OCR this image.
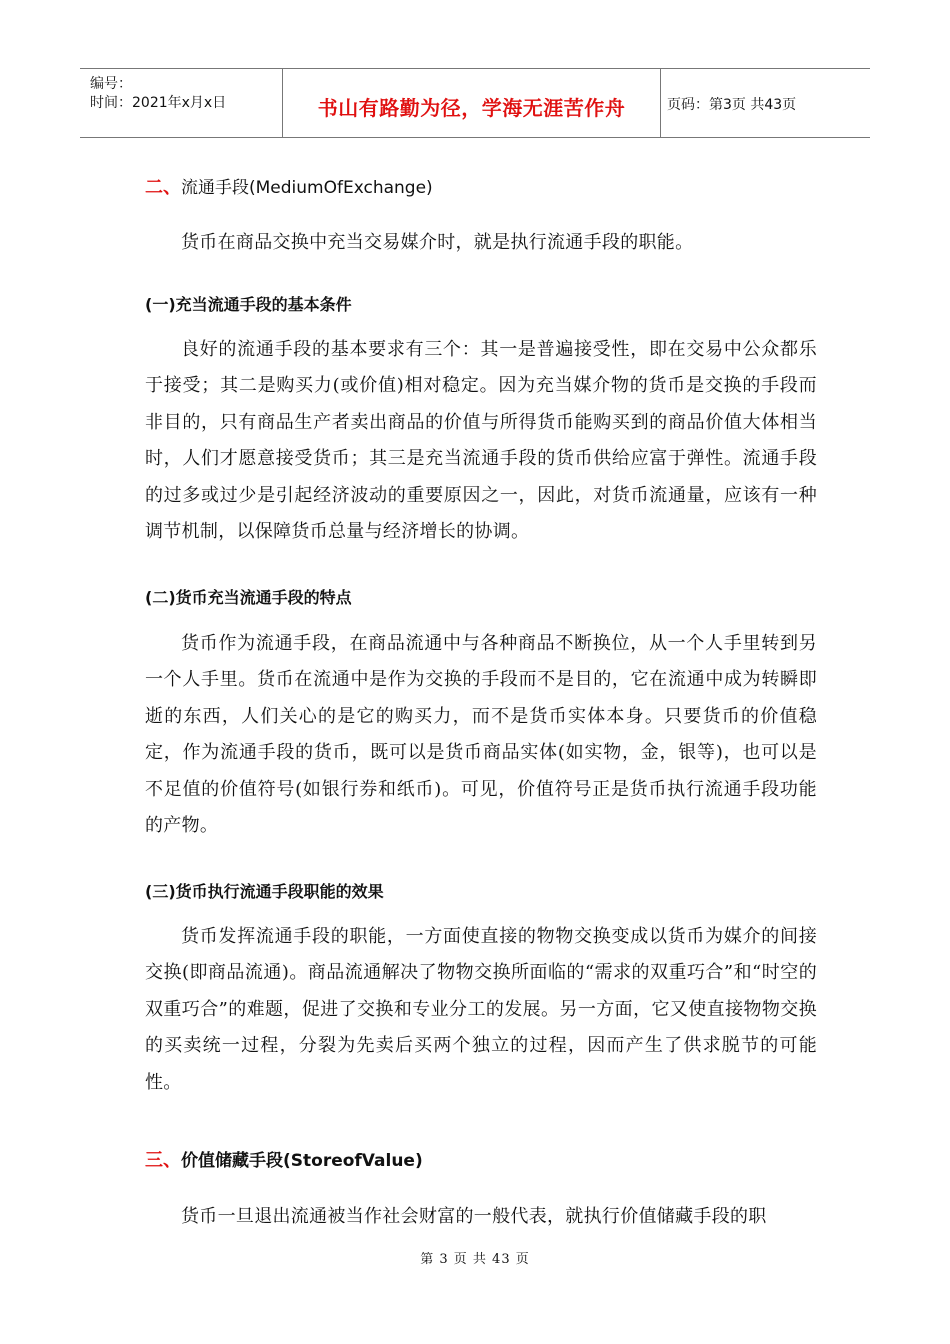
编号：
时间：2021年x月x日	书山有路勤为径，学海无涯苦作舟	页码：第3页 共43页
二、流通手段(MediumOfExchange)

货币在商品交换中充当交易媒介时，就是执行流通手段的职能。

(一)充当流通手段的基本条件

良好的流通手段的基本要求有三个：其一是普遍接受性，即在交易中公众都乐于接受；其二是购买力(或价值)相对稳定。因为充当媒介物的货币是交换的手段而非目的，只有商品生产者卖出商品的价值与所得货币能购买到的商品价值大体相当时，人们才愿意接受货币；其三是充当流通手段的货币供给应富于弹性。流通手段的过多或过少是引起经济波动的重要原因之一，因此，对货币流通量，应该有一种调节机制，以保障货币总量与经济增长的协调。

(二)货币充当流通手段的特点

货币作为流通手段，在商品流通中与各种商品不断换位，从一个人手里转到另一个人手里。货币在流通中是作为交换的手段而不是目的，它在流通中成为转瞬即逝的东西，人们关心的是它的购买力，而不是货币实体本身。只要货币的价值稳定，作为流通手段的货币，既可以是货币商品实体(如实物，金，银等)，也可以是不足值的价值符号(如银行券和纸币)。可见，价值符号正是货币执行流通手段功能的产物。

(三)货币执行流通手段职能的效果

货币发挥流通手段的职能，一方面使直接的物物交换变成以货币为媒介的间接交换(即商品流通)。商品流通解决了物物交换所面临的“需求的双重巧合”和“时空的双重巧合”的难题，促进了交换和专业分工的发展。另一方面，它又使直接物物交换的买卖统一过程，分裂为先卖后买两个独立的过程，因而产生了供求脱节的可能性。

三、价值储藏手段(StoreofValue)

货币一旦退出流通被当作社会财富的一般代表，就执行价值储藏手段的职

第 3 页 共 43 页
